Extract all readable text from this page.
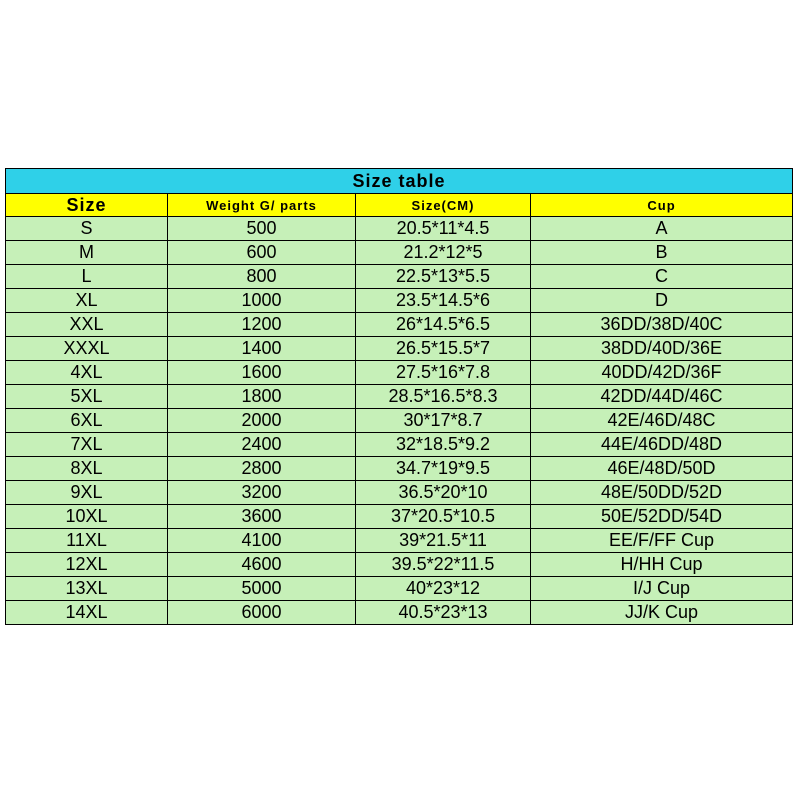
Size table			
Size	Weight G/ parts	Size(CM)	Cup
S	500	20.5*11*4.5	A
M	600	21.2*12*5	B
L	800	22.5*13*5.5	C
XL	1000	23.5*14.5*6	D
XXL	1200	26*14.5*6.5	36DD/38D/40C
XXXL	1400	26.5*15.5*7	38DD/40D/36E
4XL	1600	27.5*16*7.8	40DD/42D/36F
5XL	1800	28.5*16.5*8.3	42DD/44D/46C
6XL	2000	30*17*8.7	42E/46D/48C
7XL	2400	32*18.5*9.2	44E/46DD/48D
8XL	2800	34.7*19*9.5	46E/48D/50D
9XL	3200	36.5*20*10	48E/50DD/52D
10XL	3600	37*20.5*10.5	50E/52DD/54D
11XL	4100	39*21.5*11	EE/F/FF Cup
12XL	4600	39.5*22*11.5	H/HH Cup
13XL	5000	40*23*12	I/J Cup
14XL	6000	40.5*23*13	JJ/K Cup
